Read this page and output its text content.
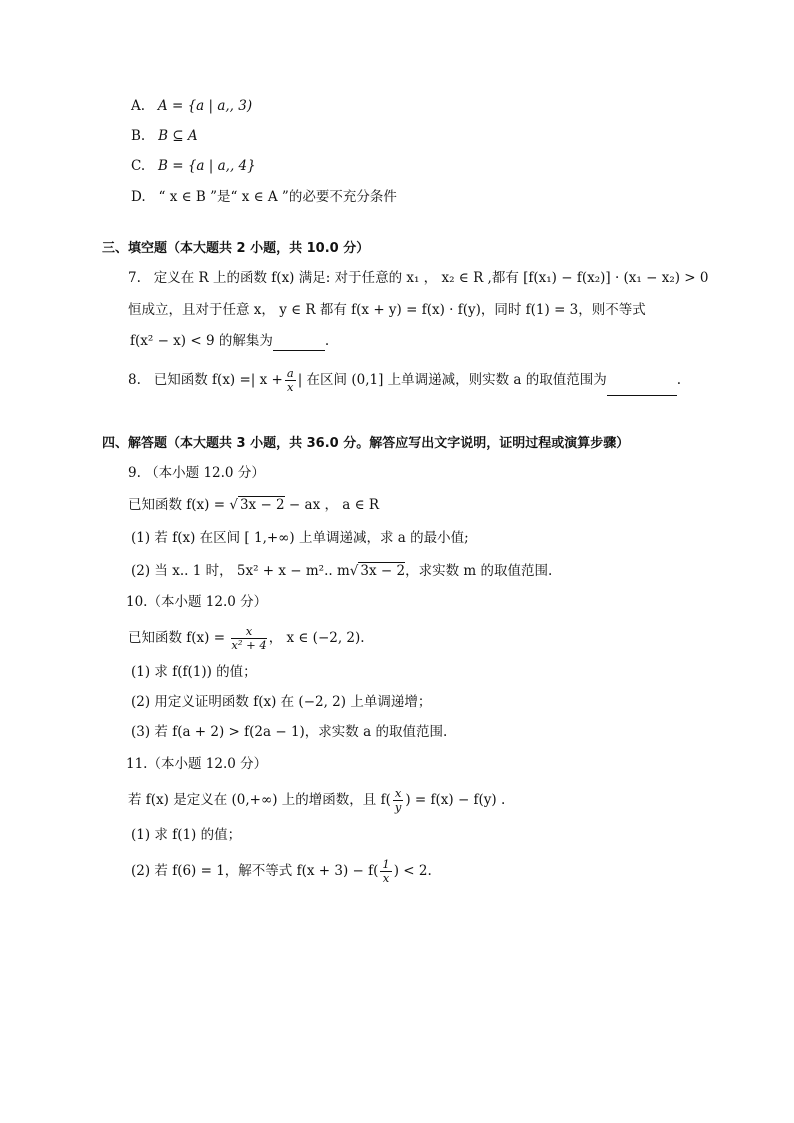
A. A = {a | a,, 3)
B. B ⊆ A
C. B = {a | a,, 4}
D. “ x ∈ B ”是“ x ∈ A ”的必要不充分条件
三、填空题（本大题共 2 小题，共 10.0 分）
7. 定义在 R 上的函数 f(x) 满足: 对于任意的 x₁ ， x₂ ∈ R ,都有 [f(x₁) − f(x₂)] · (x₁ − x₂) > 0
恒成立，且对于任意 x， y ∈ R 都有 f(x + y) = f(x) · f(y)，同时 f(1) = 3，则不等式
f(x² − x) < 9 的解集为	.
8. 已知函数 f(x) =| $x + \frac{a}{x}$ | 在区间 (0,1] 上单调递减，则实数 a 的取值范围为	.
四、解答题（本大题共 3 小题，共 36.0 分。解答应写出文字说明，证明过程或演算步骤）
9. （本小题 12.0 分）
已知函数 f(x) = √ 3x − 2 − ax ， a ∈ R
(1) 若 f(x) 在区间 [ 1,+∞) 上单调递减，求 a 的最小值;
(2) 当 x.. 1 时， 5x² + x − m².. m√ 3x − 2，求实数 m 的取值范围.
10.（本小题 12.0 分）
已知函数 $f(x) = \frac{x}{\text{x² + 4}}$ ， x ∈ (−2, 2).
(1) 求 f(f(1)) 的值；
(2) 用定义证明函数 f(x) 在 (−2, 2) 上单调递增；
(3) 若 f(a + 2) > f(2a − 1)，求实数 a 的取值范围.
11.（本小题 12.0 分）
若 f(x) 是定义在 (0,+∞) 上的增函数，且 $f( \frac{x}{y}$ ) = f(x) − f(y) .
(1) 求 f(1) 的值；
(2) 若 f(6) = 1，解不等式 $f(x + 3) - f( \frac{1}{x}$ ) < 2.
